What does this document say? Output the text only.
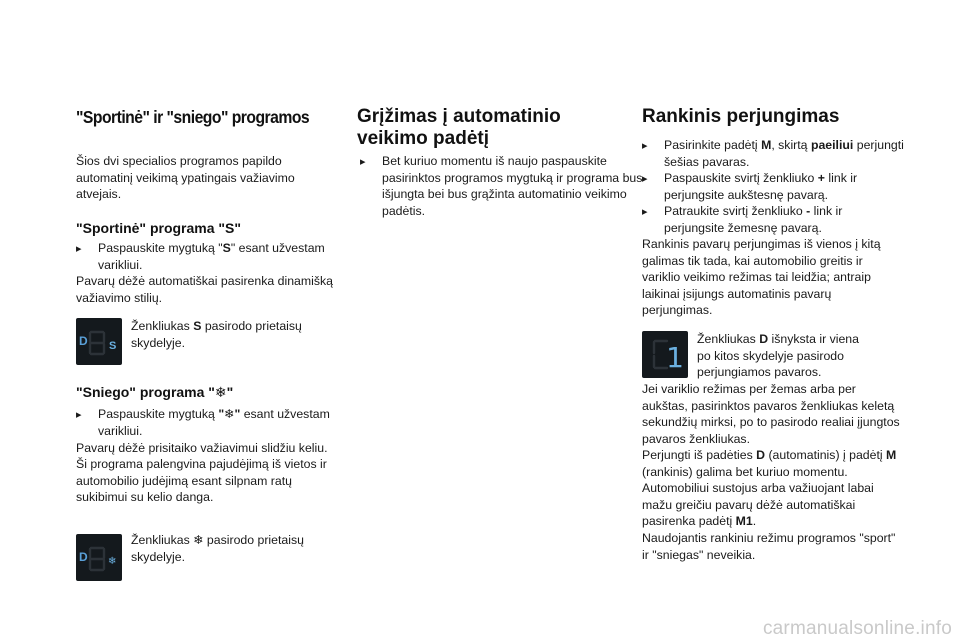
"Sportinė" ir "sniego" programos
Šios dvi specialios programos papildo automatinį veikimą ypatingais važiavimo atvejais.
"Sportinė" programa "S"
▸ Paspauskite mygtuką "S" esant užvestam varikliui.
Pavarų dėžė automatiškai pasirenka dinamišką važiavimo stilių.
D S
Ženkliukas S pasirodo prietaisų skydelyje.
"Sniego" programa "❄"
▸ Paspauskite mygtuką "❄" esant užvestam varikliui.
Pavarų dėžė prisitaiko važiavimui slidžiu keliu.
Ši programa palengvina pajudėjimą iš vietos ir automobilio judėjimą esant silpnam ratų sukibimui su kelio danga.
D ❄
Ženkliukas ❄ pasirodo prietaisų skydelyje.
Grįžimas į automatinio veikimo padėtį
▸ Bet kuriuo momentu iš naujo paspauskite pasirinktos programos mygtuką ir programa bus išjungta bei bus grąžinta automatinio veikimo padėtis.
Rankinis perjungimas
▸ Pasirinkite padėtį M, skirtą paeiliui perjungti šešias pavaras.
▸ Paspauskite svirtį ženkliuko + link ir perjungsite aukštesnę pavarą.
▸ Patraukite svirtį ženkliuko - link ir perjungsite žemesnę pavarą.
Rankinis pavarų perjungimas iš vienos į kitą galimas tik tada, kai automobilio greitis ir variklio veikimo režimas tai leidžia; antraip laikinai įsijungs automatinis pavarų perjungimas.
1
Ženkliukas D išnyksta ir viena po kitos skydelyje pasirodo perjungiamos pavaros.
Jei variklio režimas per žemas arba per aukštas, pasirinktos pavaros ženkliukas keletą sekundžių mirksi, po to pasirodo realiai įjungtos pavaros ženkliukas.
Perjungti iš padėties D (automatinis) į padėtį M (rankinis) galima bet kuriuo momentu.
Automobiliui sustojus arba važiuojant labai mažu greičiu pavarų dėžė automatiškai pasirenka padėtį M1.
Naudojantis rankiniu režimu programos "sport" ir "sniegas" neveikia.
carmanualsonline.info
